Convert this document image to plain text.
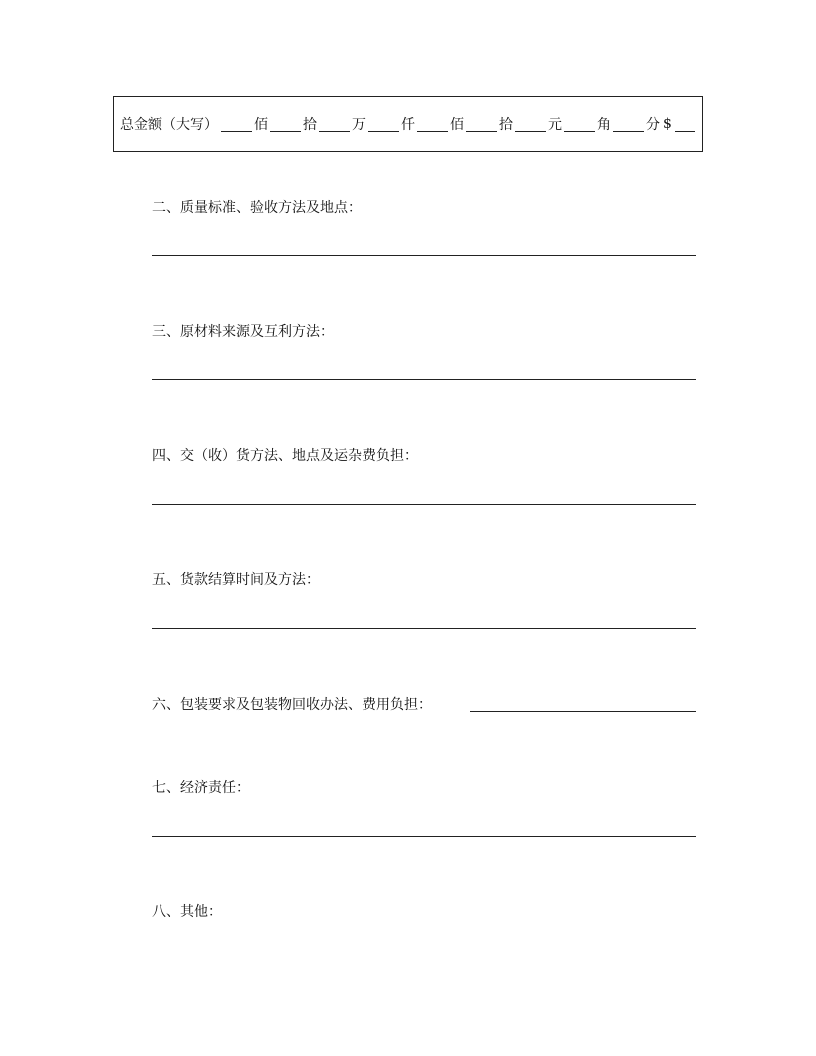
总金额（大写）	佰	拾	万	仟	佰	拾	元	角	分 $
二、质量标准、验收方法及地点：
三、原材料来源及互利方法：
四、交（收）货方法、地点及运杂费负担：
五、货款结算时间及方法：
六、包装要求及包装物回收办法、费用负担：
七、经济责任：
八、其他：
